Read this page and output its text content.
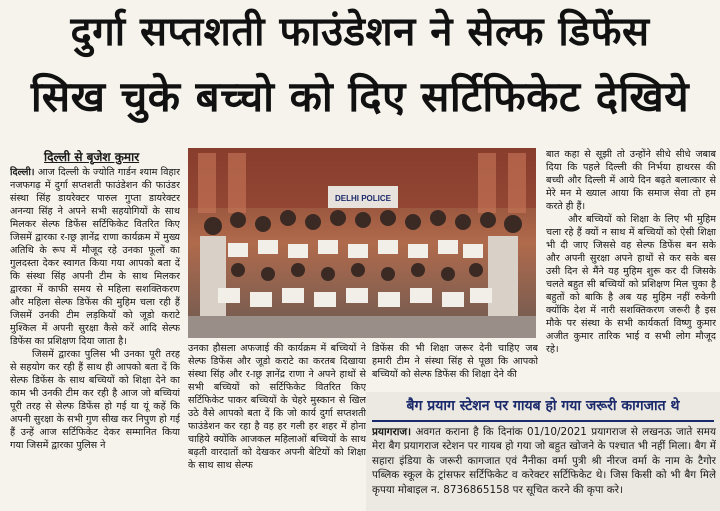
दुर्गा सप्तशती फाउंडेशन ने सेल्फ डिफेंस
सिख चुके बच्चो को दिए सर्टिफिकेट देखिये
दिल्ली से बृजेश कुमार

दिल्ली। आज दिल्ली के ज्योति गार्डन श्याम विहार नजफगढ़ में दुर्गा सप्तशती फाउंडेशन की फाउंडर संस्था सिंह डायरेक्टर पारुल गुप्ता डायरेक्टर अनन्या सिंह ने अपने सभी सहयोगियों के साथ मिलकर सेल्फ डिफेंस सर्टिफिकेट वितरित किए जिसमें द्वारका र-ाछ्र ज्ञानेंद्र राणा कार्यक्रम में मुख्य अतिथि के रूप में मौजूद रहे उनका फूलों का गुलदस्ता देकर स्वागत किया गया आपको बता दें कि संस्था सिंह अपनी टीम के साथ मिलकर द्वारका में काफी समय से महिला सशक्तिकरण और महिला सेल्फ डिफेंस की मुहिम चला रही हैं जिसमें उनकी टीम लड़कियों को जूडो कराटे मुश्किल में अपनी सुरक्षा कैसे करें आदि सेल्फ डिफेंस का प्रशिक्षण दिया जाता है।

जिसमें द्वारका पुलिस भी उनका पूरी तरह से सहयोग कर रही हैं साथ ही आपको बता दें कि सेल्फ डिफेंस के साथ बच्चियों को शिक्षा देने का काम भी उनकी टीम कर रही है आज जो बच्चियां पूरी तरह से सेल्फ डिफेंस हो गई या यूं कहें कि अपनी सुरक्षा के सभी गुण सीख कर निपुण हो गई हैं उन्हें आज सर्टिफिकेट देकर सम्मानित किया गया जिसमें द्वारका पुलिस ने

DELHI POLICE
उनका हौसला अफजाई की कार्यक्रम में बच्चियों ने सेल्फ डिफेंस और जूडो कराटे का करतब दिखाया संस्था सिंह और र-ाछ्र ज्ञानेंद्र राणा ने अपने हाथों से सभी बच्चियों को सर्टिफिकेट वितरित किए सर्टिफिकेट पाकर बच्चियों के चेहरे मुस्कान से खिल उठे वैसे आपको बता दें कि जो कार्य दुर्गा सप्तशती फाउंडेशन कर रहा है वह हर गली हर शहर में होना चाहिये क्योंकि आजकल महिलाओं बच्चियों के साथ बढ़ती वारदातों को देखकर अपनी बेटियों को शिक्षा के साथ साथ सेल्फ
डिफेंस की भी शिक्षा जरूर देनी चाहिए जब हमारी टीम ने संस्था सिंह से पूछा कि आपको बच्चियों को सेल्फ डिफेंस की शिक्षा देने की

बात कहा से सूझी तो उन्होंने सीधे सीधे जबाब दिया कि पहले दिल्ली की निर्भया हाथरस की बच्ची और दिल्ली में आये दिन बढ़ते बलात्कार से मेरे मन मे ख्याल आया कि समाज सेवा तो हम करते ही हैं।

और बच्चियों को शिक्षा के लिए भी मुहिम चला रहे हैं क्यों न साथ में बच्चियों को ऐसी शिक्षा भी दी जाए जिससे वह सेल्फ डिफेंस बन सके और अपनी सुरक्षा अपने हाथों से कर सके बस उसी दिन से मैंने यह मुहिम शुरू कर दी जिसके चलते बहुत सी बच्चियों को प्रशिक्षण मिल चुका है बहुतों को बाकि है अब यह मुहिम नहीं रुकेगी क्योंकि देश में नारी सशक्तिकरण जरूरी है इस मौके पर संस्था के सभी कार्यकर्ता विष्णु कुमार अजीत कुमार तारिक भाई व सभी लोग मौजूद रहे।

बैग प्रयाग स्टेशन पर गायब हो गया जरूरी कागजात थे
प्रयागराज। अवगत कराना है कि दिनांक 01/10/2021 प्रयागराज से लखनऊ जाते समय मेरा बैग प्रयागराज स्टेशन पर गायब हो गया जो बहुत खोजने के पश्चात भी नहीं मिला। बैग में सहारा इंडिया के जरूरी कागजात एवं नैनीका वर्मा पुत्री श्री नीरज वर्मा के नाम के टैगोर पब्लिक स्कूल के ट्रांसफर सर्टिफिकेट व करेक्टर सर्टिफिकेट थे। जिस किसी को भी बैग मिले कृपया मोबाइल न. 8736865158 पर सूचित करने की कृपा करे।
